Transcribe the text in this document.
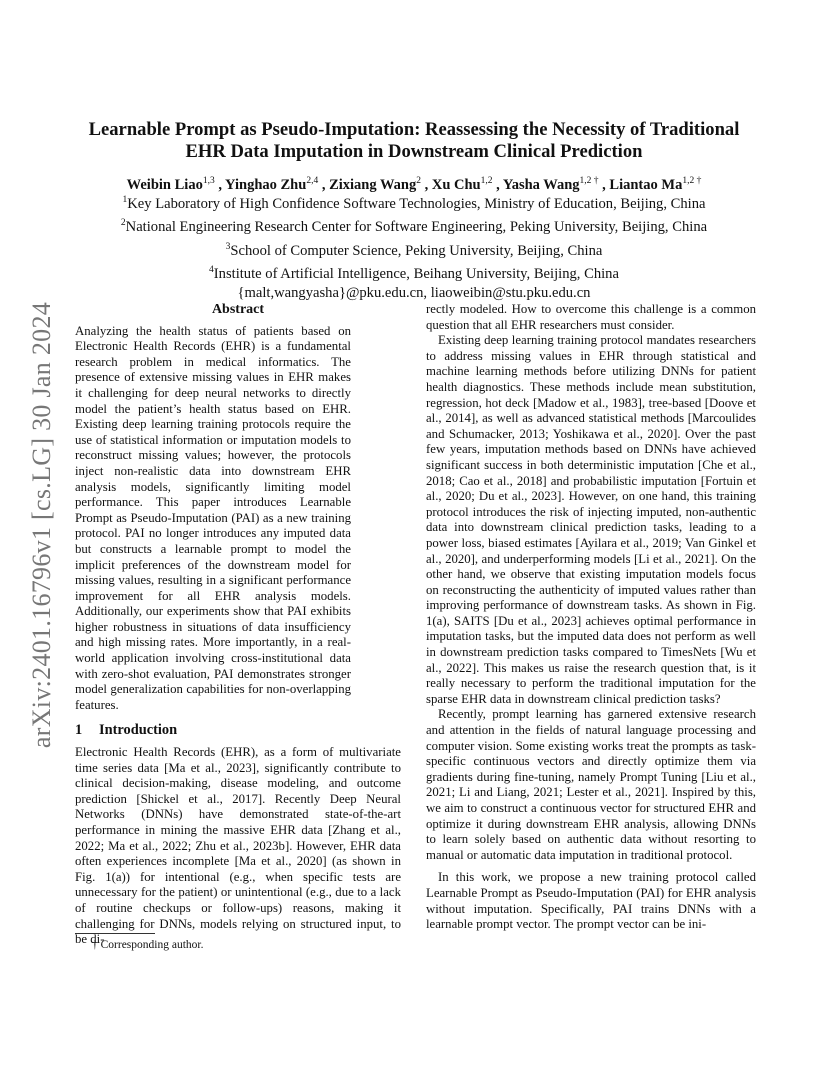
arXiv:2401.16796v1 [cs.LG] 30 Jan 2024
Learnable Prompt as Pseudo-Imputation: Reassessing the Necessity of Traditional
EHR Data Imputation in Downstream Clinical Prediction
Weibin Liao$^{1,3}$ , Yinghao Zhu$^{2,4}$ , Zixiang Wang$^2$ , Xu Chu$^{1,2}$ , Yasha Wang$^{1,2 \dagger}$ , Liantao $Ma^{1,2 \dagger}$
$^1$Key Laboratory of High Confidence Software Technologies, Ministry of Education, Beijing, China
$^2$National Engineering Research Center for Software Engineering, Peking University, Beijing, China
$^3$School of Computer Science, Peking University, Beijing, China
$^4$Institute of Artificial Intelligence, Beihang University, Beijing, China
{malt,wangyasha}@pku.edu.cn, liaoweibin@stu.pku.edu.cn
Abstract

Analyzing the health status of patients based on Electronic Health Records (EHR) is a fundamental research problem in medical informatics. The presence of extensive missing values in EHR makes it challenging for deep neural networks to directly model the patient’s health status based on EHR. Existing deep learning training protocols require the use of statistical information or imputation models to reconstruct missing values; however, the protocols inject non-realistic data into downstream EHR analysis models, significantly limiting model performance. This paper introduces Learnable Prompt as Pseudo-Imputation (PAI) as a new training protocol. PAI no longer introduces any imputed data but constructs a learnable prompt to model the implicit preferences of the downstream model for missing values, resulting in a significant performance improvement for all EHR analysis models. Additionally, our experiments show that PAI exhibits higher robustness in situations of data insufficiency and high missing rates. More importantly, in a real-world application involving cross-institutional data with zero-shot evaluation, PAI demonstrates stronger model generalization capabilities for non-overlapping features.

1 Introduction

Electronic Health Records (EHR), as a form of multivariate time series data [Ma et al., 2023], significantly contribute to clinical decision-making, disease modeling, and outcome prediction [Shickel et al., 2017]. Recently Deep Neural Networks (DNNs) have demonstrated state-of-the-art performance in mining the massive EHR data [Zhang et al., 2022; Ma et al., 2022; Zhu et al., 2023b]. However, EHR data often experiences incomplete [Ma et al., 2020] (as shown in Fig. 1(a)) for intentional (e.g., when specific tests are unnecessary for the patient) or unintentional (e.g., due to a lack of routine checkups or follow-ups) reasons, making it challenging for DNNs, models relying on structured input, to be di-

rectly modeled. How to overcome this challenge is a common question that all EHR researchers must consider.

Existing deep learning training protocol mandates researchers to address missing values in EHR through statistical and machine learning methods before utilizing DNNs for patient health diagnostics. These methods include mean substitution, regression, hot deck [Madow et al., 1983], tree-based [Doove et al., 2014], as well as advanced statistical methods [Marcoulides and Schumacker, 2013; Yoshikawa et al., 2020]. Over the past few years, imputation methods based on DNNs have achieved significant success in both deterministic imputation [Che et al., 2018; Cao et al., 2018] and probabilistic imputation [Fortuin et al., 2020; Du et al., 2023]. However, on one hand, this training protocol introduces the risk of injecting imputed, non-authentic data into downstream clinical prediction tasks, leading to a power loss, biased estimates [Ayilara et al., 2019; Van Ginkel et al., 2020], and underperforming models [Li et al., 2021]. On the other hand, we observe that existing imputation models focus on reconstructing the authenticity of imputed values rather than improving performance of downstream tasks. As shown in Fig. 1(a), SAITS [Du et al., 2023] achieves optimal performance in imputation tasks, but the imputed data does not perform as well in downstream prediction tasks compared to TimesNets [Wu et al., 2022]. This makes us raise the research question that, is it really necessary to perform the traditional imputation for the sparse EHR data in downstream clinical prediction tasks?

Recently, prompt learning has garnered extensive research and attention in the fields of natural language processing and computer vision. Some existing works treat the prompts as task-specific continuous vectors and directly optimize them via gradients during fine-tuning, namely Prompt Tuning [Liu et al., 2021; Li and Liang, 2021; Lester et al., 2021]. Inspired by this, we aim to construct a continuous vector for structured EHR and optimize it during downstream EHR analysis, allowing DNNs to learn solely based on authentic data without resorting to manual or automatic data imputation in traditional protocol.

In this work, we propose a new training protocol called Learnable Prompt as Pseudo-Imputation (PAI) for EHR analysis without imputation. Specifically, PAI trains DNNs with a learnable prompt vector. The prompt vector can be ini-

† Corresponding author.
